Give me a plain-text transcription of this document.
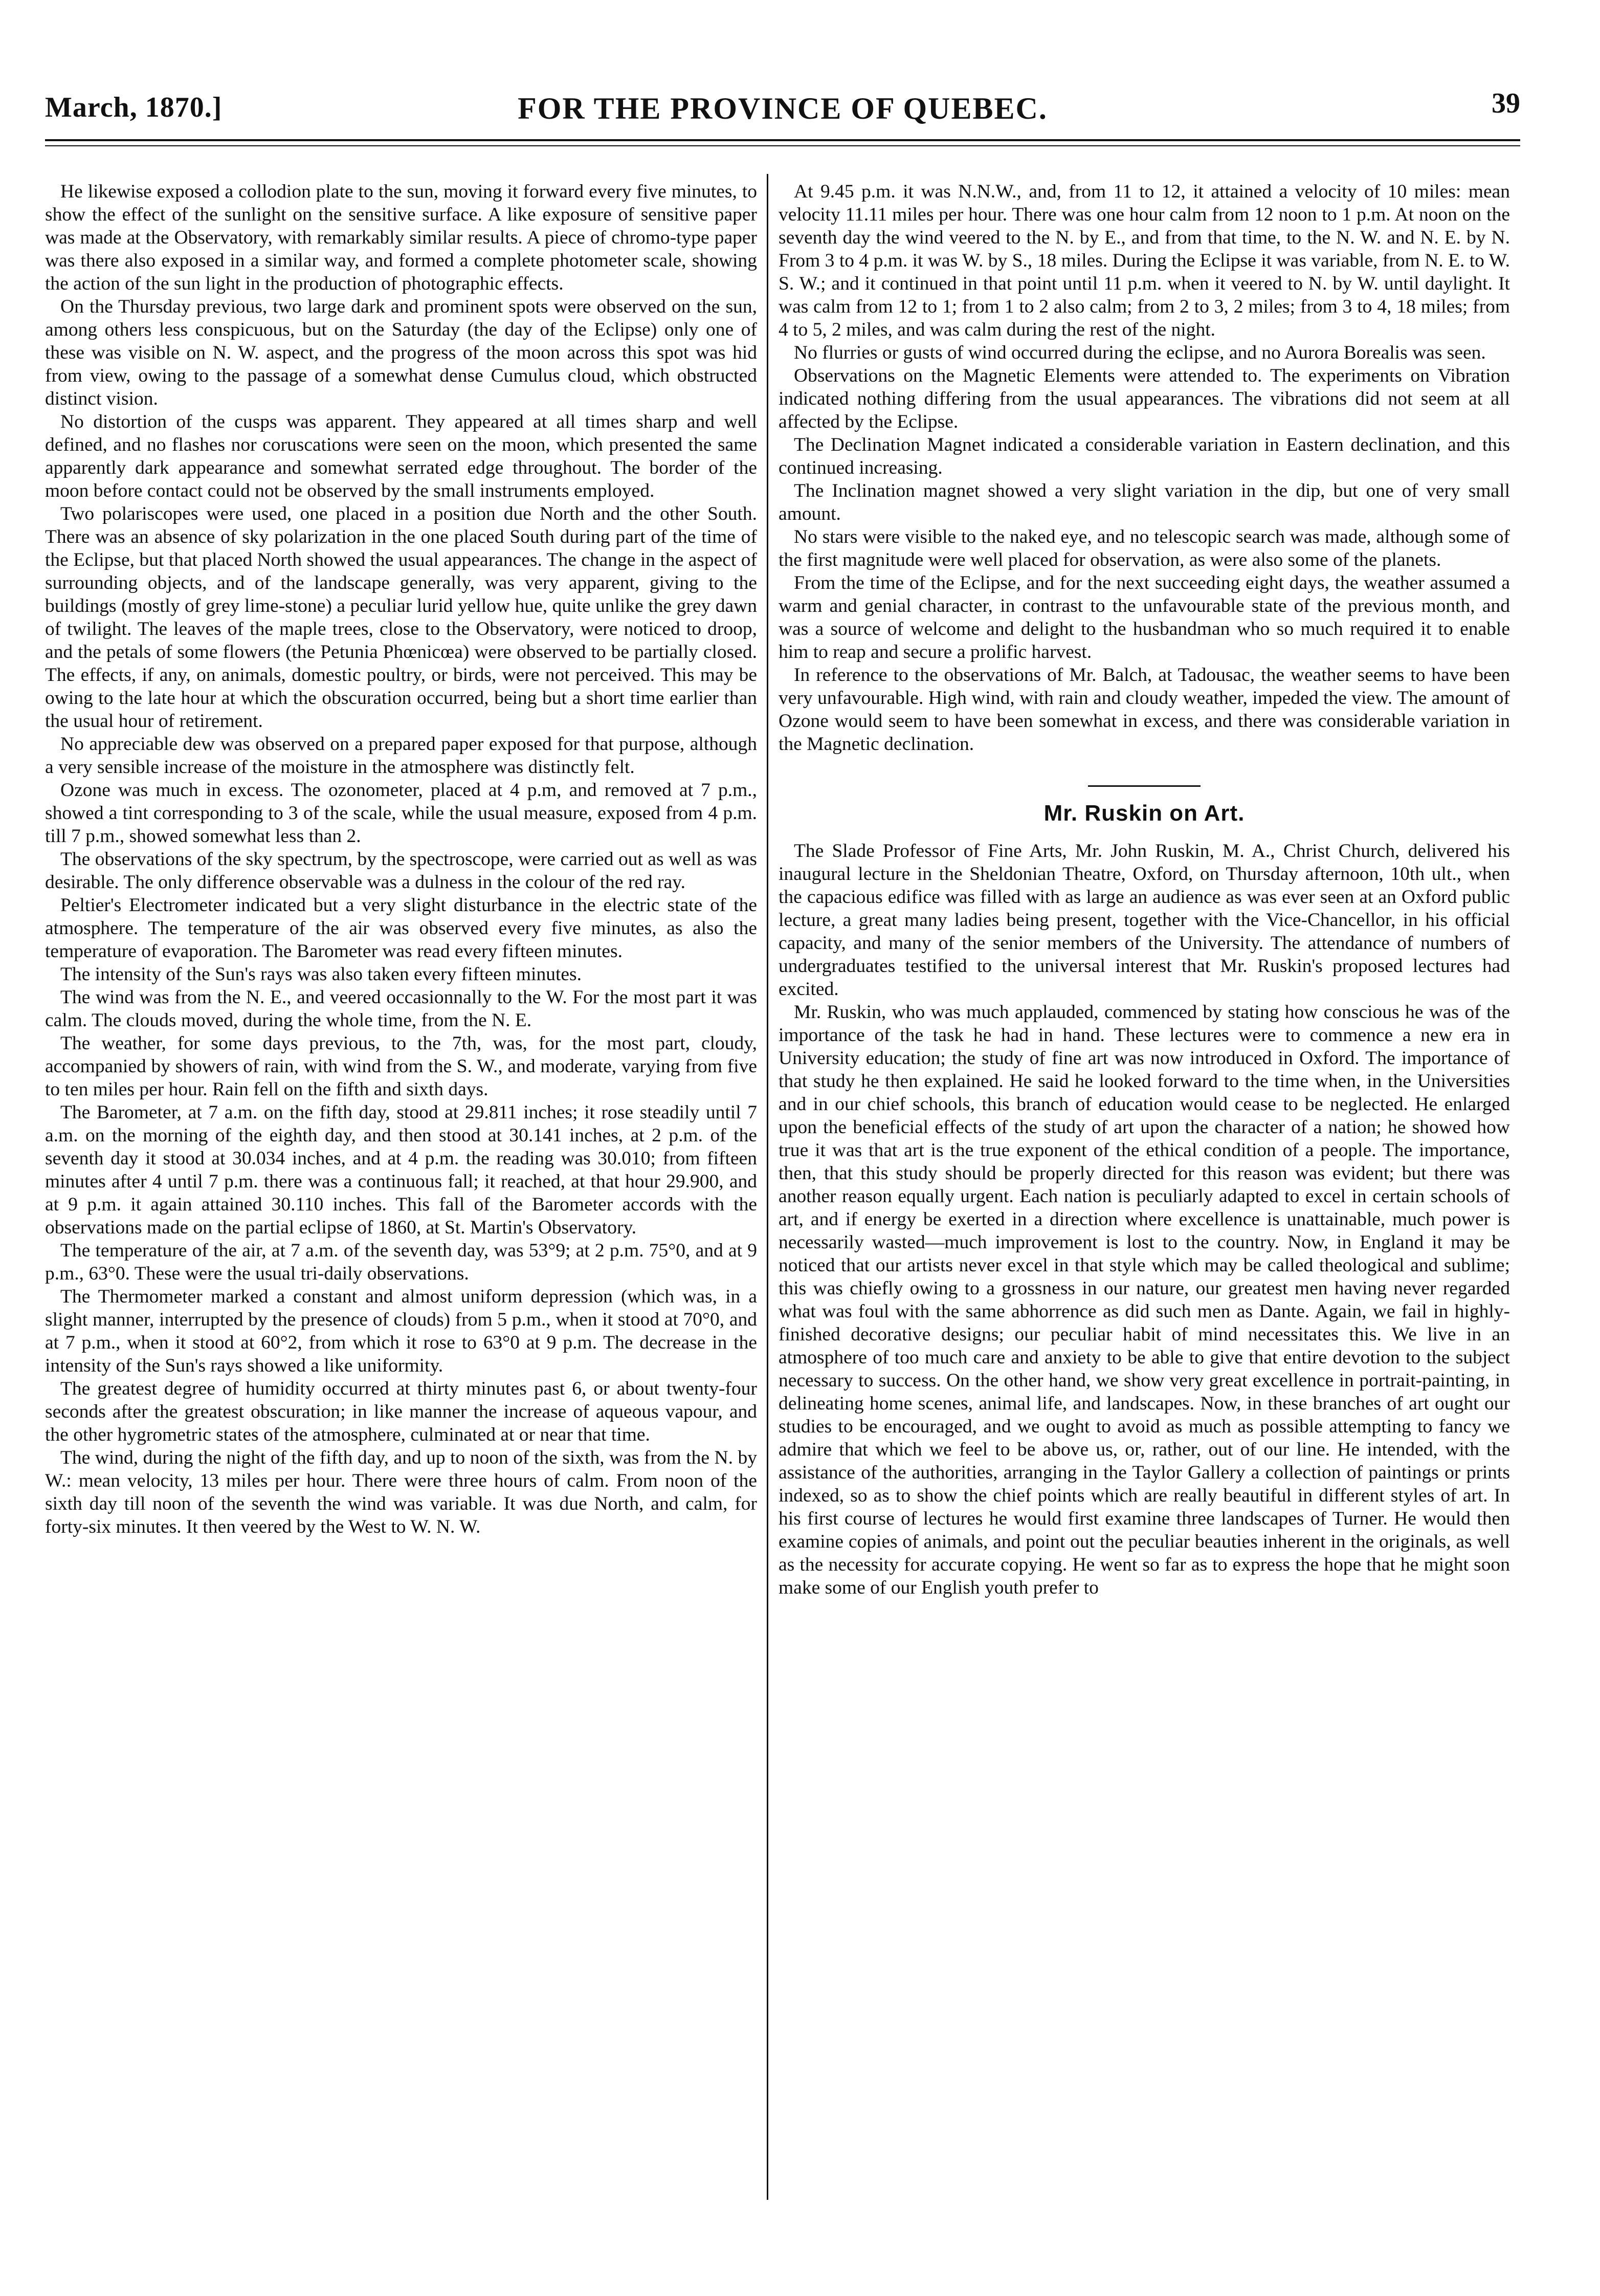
March, 1870.]	FOR THE PROVINCE OF QUEBEC.	39

He likewise exposed a collodion plate to the sun, moving it forward every five minutes, to show the effect of the sunlight on the sensitive surface. A like exposure of sensitive paper was made at the Observatory, with remarkably similar results. A piece of chromo-type paper was there also exposed in a similar way, and formed a complete photometer scale, showing the action of the sun light in the production of photographic effects.

On the Thursday previous, two large dark and prominent spots were observed on the sun, among others less conspicuous, but on the Saturday (the day of the Eclipse) only one of these was visible on N. W. aspect, and the progress of the moon across this spot was hid from view, owing to the passage of a somewhat dense Cumulus cloud, which obstructed distinct vision.

No distortion of the cusps was apparent. They appeared at all times sharp and well defined, and no flashes nor coruscations were seen on the moon, which presented the same apparently dark appearance and somewhat serrated edge throughout. The border of the moon before contact could not be observed by the small instruments employed.

Two polariscopes were used, one placed in a position due North and the other South. There was an absence of sky polarization in the one placed South during part of the time of the Eclipse, but that placed North showed the usual appearances. The change in the aspect of surrounding objects, and of the landscape generally, was very apparent, giving to the buildings (mostly of grey lime-stone) a peculiar lurid yellow hue, quite unlike the grey dawn of twilight. The leaves of the maple trees, close to the Observatory, were noticed to droop, and the petals of some flowers (the Petunia Phœnicœa) were observed to be partially closed. The effects, if any, on animals, domestic poultry, or birds, were not perceived. This may be owing to the late hour at which the obscuration occurred, being but a short time earlier than the usual hour of retirement.

No appreciable dew was observed on a prepared paper exposed for that purpose, although a very sensible increase of the moisture in the atmosphere was distinctly felt.

Ozone was much in excess. The ozonometer, placed at 4 p.m, and removed at 7 p.m., showed a tint corresponding to 3 of the scale, while the usual measure, exposed from 4 p.m. till 7 p.m., showed somewhat less than 2.

The observations of the sky spectrum, by the spectroscope, were carried out as well as was desirable. The only difference observable was a dulness in the colour of the red ray.

Peltier's Electrometer indicated but a very slight disturbance in the electric state of the atmosphere. The temperature of the air was observed every five minutes, as also the temperature of evaporation. The Barometer was read every fifteen minutes.

The intensity of the Sun's rays was also taken every fifteen minutes.

The wind was from the N. E., and veered occasionnally to the W. For the most part it was calm. The clouds moved, during the whole time, from the N. E.

The weather, for some days previous, to the 7th, was, for the most part, cloudy, accompanied by showers of rain, with wind from the S. W., and moderate, varying from five to ten miles per hour. Rain fell on the fifth and sixth days.

The Barometer, at 7 a.m. on the fifth day, stood at 29.811 inches; it rose steadily until 7 a.m. on the morning of the eighth day, and then stood at 30.141 inches, at 2 p.m. of the seventh day it stood at 30.034 inches, and at 4 p.m. the reading was 30.010; from fifteen minutes after 4 until 7 p.m. there was a continuous fall; it reached, at that hour 29.900, and at 9 p.m. it again attained 30.110 inches. This fall of the Barometer accords with the observations made on the partial eclipse of 1860, at St. Martin's Observatory.

The temperature of the air, at 7 a.m. of the seventh day, was 53°9; at 2 p.m. 75°0, and at 9 p.m., 63°0. These were the usual tri-daily observations.

The Thermometer marked a constant and almost uniform depression (which was, in a slight manner, interrupted by the presence of clouds) from 5 p.m., when it stood at 70°0, and at 7 p.m., when it stood at 60°2, from which it rose to 63°0 at 9 p.m. The decrease in the intensity of the Sun's rays showed a like uniformity.

The greatest degree of humidity occurred at thirty minutes past 6, or about twenty-four seconds after the greatest obscuration; in like manner the increase of aqueous vapour, and the other hygrometric states of the atmosphere, culminated at or near that time.

The wind, during the night of the fifth day, and up to noon of the sixth, was from the N. by W.: mean velocity, 13 miles per hour. There were three hours of calm. From noon of the sixth day till noon of the seventh the wind was variable. It was due North, and calm, for forty-six minutes. It then veered by the West to W. N. W.

At 9.45 p.m. it was N.N.W., and, from 11 to 12, it attained a velocity of 10 miles: mean velocity 11.11 miles per hour. There was one hour calm from 12 noon to 1 p.m. At noon on the seventh day the wind veered to the N. by E., and from that time, to the N. W. and N. E. by N. From 3 to 4 p.m. it was W. by S., 18 miles. During the Eclipse it was variable, from N. E. to W. S. W.; and it continued in that point until 11 p.m. when it veered to N. by W. until daylight. It was calm from 12 to 1; from 1 to 2 also calm; from 2 to 3, 2 miles; from 3 to 4, 18 miles; from 4 to 5, 2 miles, and was calm during the rest of the night.

No flurries or gusts of wind occurred during the eclipse, and no Aurora Borealis was seen.

Observations on the Magnetic Elements were attended to. The experiments on Vibration indicated nothing differing from the usual appearances. The vibrations did not seem at all affected by the Eclipse.

The Declination Magnet indicated a considerable variation in Eastern declination, and this continued increasing.

The Inclination magnet showed a very slight variation in the dip, but one of very small amount.

No stars were visible to the naked eye, and no telescopic search was made, although some of the first magnitude were well placed for observation, as were also some of the planets.

From the time of the Eclipse, and for the next succeeding eight days, the weather assumed a warm and genial character, in contrast to the unfavourable state of the previous month, and was a source of welcome and delight to the husbandman who so much required it to enable him to reap and secure a prolific harvest.

In reference to the observations of Mr. Balch, at Tadousac, the weather seems to have been very unfavourable. High wind, with rain and cloudy weather, impeded the view. The amount of Ozone would seem to have been somewhat in excess, and there was considerable variation in the Magnetic declination.

Mr. Ruskin on Art.

The Slade Professor of Fine Arts, Mr. John Ruskin, M. A., Christ Church, delivered his inaugural lecture in the Sheldonian Theatre, Oxford, on Thursday afternoon, 10th ult., when the capacious edifice was filled with as large an audience as was ever seen at an Oxford public lecture, a great many ladies being present, together with the Vice-Chancellor, in his official capacity, and many of the senior members of the University. The attendance of numbers of undergraduates testified to the universal interest that Mr. Ruskin's proposed lectures had excited.

Mr. Ruskin, who was much applauded, commenced by stating how conscious he was of the importance of the task he had in hand. These lectures were to commence a new era in University education; the study of fine art was now introduced in Oxford. The importance of that study he then explained. He said he looked forward to the time when, in the Universities and in our chief schools, this branch of education would cease to be neglected. He enlarged upon the beneficial effects of the study of art upon the character of a nation; he showed how true it was that art is the true exponent of the ethical condition of a people. The importance, then, that this study should be properly directed for this reason was evident; but there was another reason equally urgent. Each nation is peculiarly adapted to excel in certain schools of art, and if energy be exerted in a direction where excellence is unattainable, much power is necessarily wasted—much improvement is lost to the country. Now, in England it may be noticed that our artists never excel in that style which may be called theological and sublime; this was chiefly owing to a grossness in our nature, our greatest men having never regarded what was foul with the same abhorrence as did such men as Dante. Again, we fail in highly-finished decorative designs; our peculiar habit of mind necessitates this. We live in an atmosphere of too much care and anxiety to be able to give that entire devotion to the subject necessary to success. On the other hand, we show very great excellence in portrait-painting, in delineating home scenes, animal life, and landscapes. Now, in these branches of art ought our studies to be encouraged, and we ought to avoid as much as possible attempting to fancy we admire that which we feel to be above us, or, rather, out of our line. He intended, with the assistance of the authorities, arranging in the Taylor Gallery a collection of paintings or prints indexed, so as to show the chief points which are really beautiful in different styles of art. In his first course of lectures he would first examine three landscapes of Turner. He would then examine copies of animals, and point out the peculiar beauties inherent in the originals, as well as the necessity for accurate copying. He went so far as to express the hope that he might soon make some of our English youth prefer to
